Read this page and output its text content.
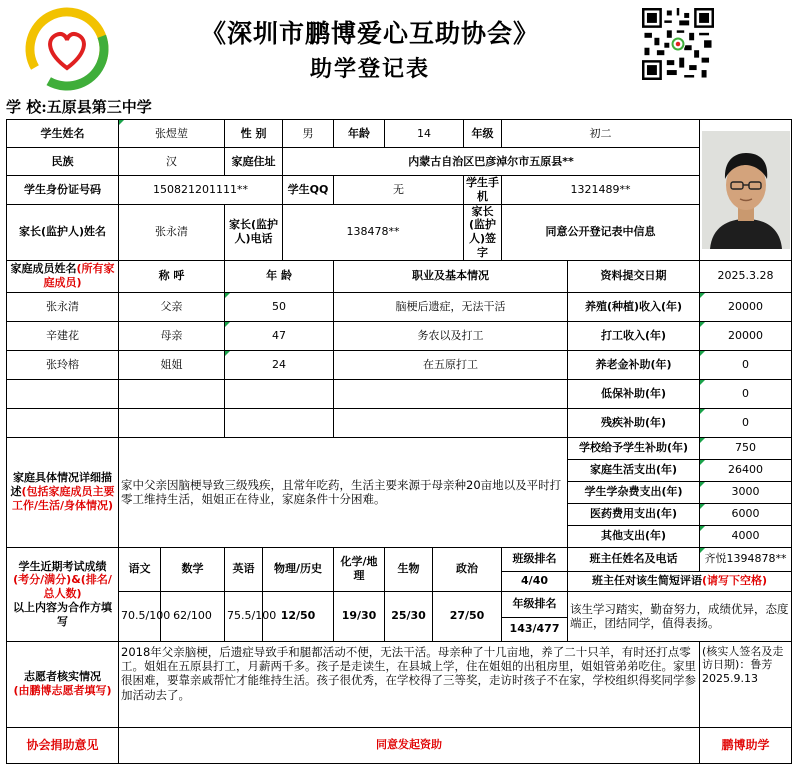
《深圳市鹏博爱心互助协会》
助学登记表
学 校:五原县第三中学
学生姓名	张煜堃		性 别		男	年龄	14		年级	初二	

民族	汉		家庭住址		内蒙古自治区巴彦淖尔市五原县**							
学生身份证号码	150821201111**				学生QQ	无			学生手机	1321489**		
家长(监护人)姓名	张永清		家长(监护人)电话		138478**				家长(监护人)签字	同意公开登记表中信息		
家庭成员姓名(所有家庭成员)	称 呼		年 龄			职业及基本情况					资料提交日期	2025.3.28
张永清	父亲		50			脑梗后遗症，无法干活					养殖(种植)收入(年)	20000
辛建花	母亲		47			务农以及打工					打工收入(年)	20000
张玲榕	姐姐		24			在五原打工					养老金补助(年)	0
											低保补助(年)	0
											残疾补助(年)	0
家庭具体情况详细描述(包括家庭成员主要工作/生活/身体情况)	家中父亲因脑梗导致三级残疾，且常年吃药，生活主要来源于母亲种20亩地以及平时打零工维持生活，姐姐正在待业，家庭条件十分困难。										学校给予学生补助(年)	750
											家庭生活支出(年)	26400
											学生学杂费支出(年)	3000
											医药费用支出(年)	6000
											其他支出(年)	4000
学生近期考试成绩
(考分/满分)&(排名/总人数)
以上内容为合作方填写	语文	数学	英语	物理/历史		化学/地理	生物	政治		班级排名	班主任姓名及电话	齐悦1394878**
										4/40	班主任对该生简短评语(请写下空格)	
	70.5/100	62/100	75.5/100	12/50		19/30	25/30	27/50		年级排名	该生学习踏实，勤奋努力，成绩优异，态度端正，团结同学，值得表扬。	
										143/477		
志愿者核实情况
(由鹏博志愿者填写)	2018年父亲脑梗，后遗症导致手和腿都活动不便，无法干活。母亲种了十几亩地，养了二十只羊，有时还打点零工。姐姐在五原县打工，月薪两千多。孩子是走读生，在县城上学，住在姐姐的出租房里，姐姐管弟弟吃住。家里很困难，要靠亲戚帮忙才能维持生活。孩子很优秀，在学校得了三等奖，走访时孩子不在家，学校组织得奖同学参加活动去了。											(核实人签名及走访日期)：鲁芳 2025.9.13
协会捐助意见	同意发起资助											鹏博助学
